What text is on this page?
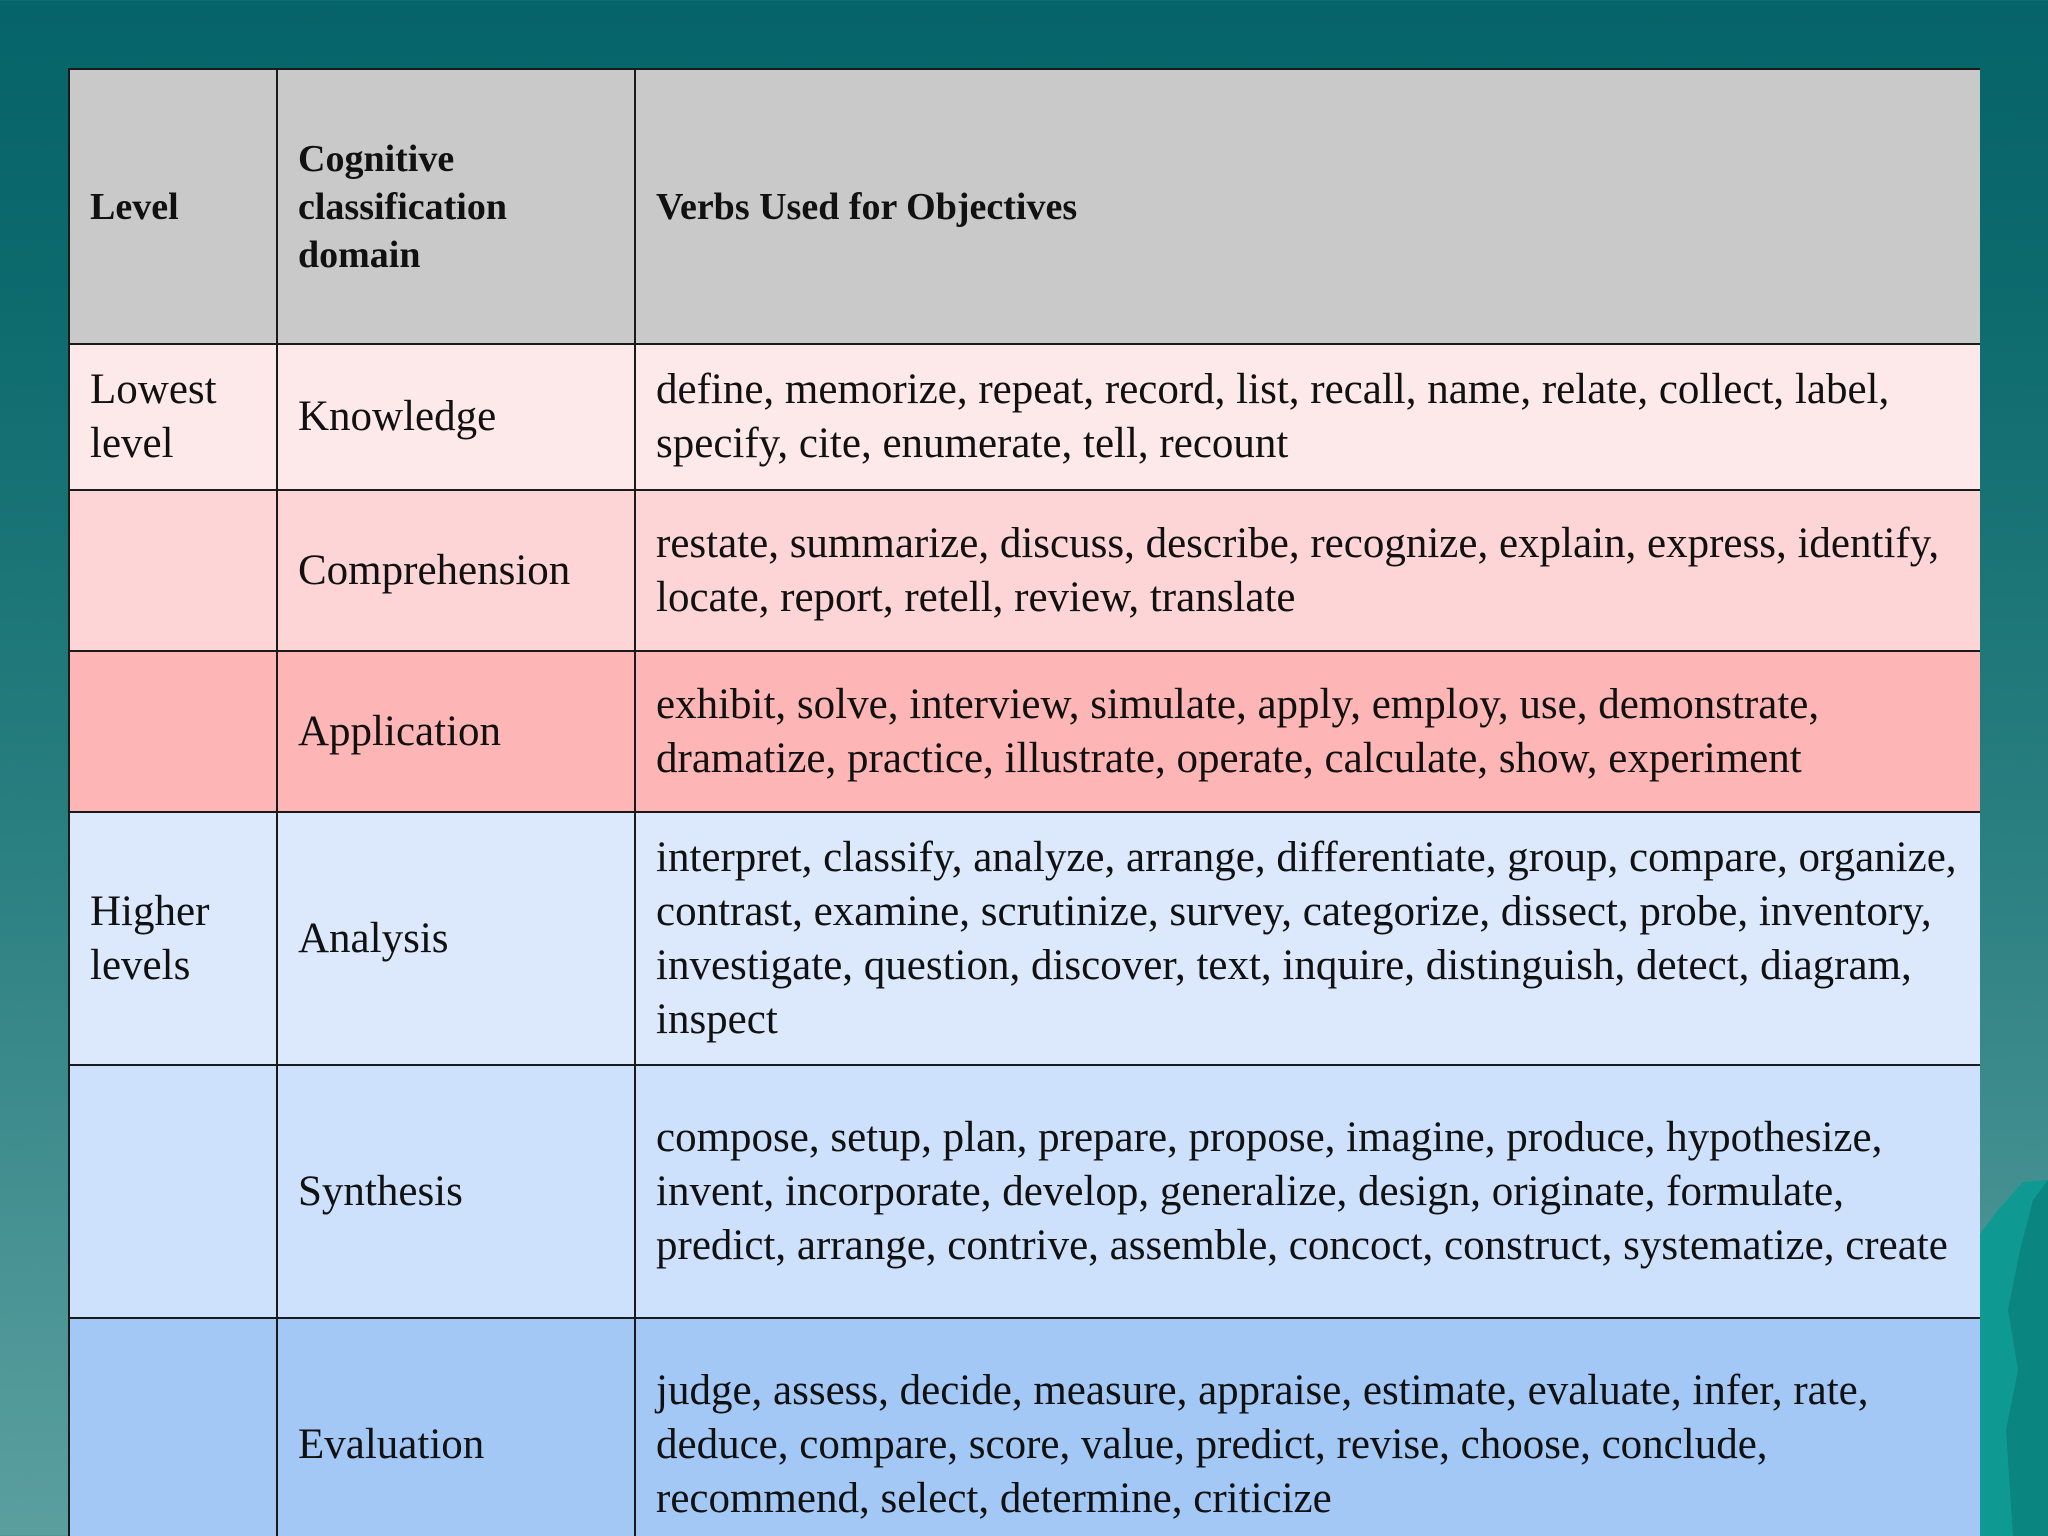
Level	Cognitive classification domain	Verbs Used for Objectives
Lowest level	Knowledge	define, memorize, repeat, record, list, recall, name, relate, collect, label, specify, cite, enumerate, tell, recount
	Comprehension	restate, summarize, discuss, describe, recognize, explain, express, identify, locate, report, retell, review, translate
	Application	exhibit, solve, interview, simulate, apply, employ, use, demonstrate, dramatize, practice, illustrate, operate, calculate, show, experiment
Higher levels	Analysis	interpret, classify, analyze, arrange, differentiate, group, compare, organize, contrast, examine, scrutinize, survey, categorize, dissect, probe, inventory, investigate, question, discover, text, inquire, distinguish, detect, diagram, inspect
	Synthesis	compose, setup, plan, prepare, propose, imagine, produce, hypothesize, invent, incorporate, develop, generalize, design, originate, formulate, predict, arrange, contrive, assemble, concoct, construct, systematize, create
	Evaluation	judge, assess, decide, measure, appraise, estimate, evaluate, infer, rate, deduce, compare, score, value, predict, revise, choose, conclude, recommend, select, determine, criticize
